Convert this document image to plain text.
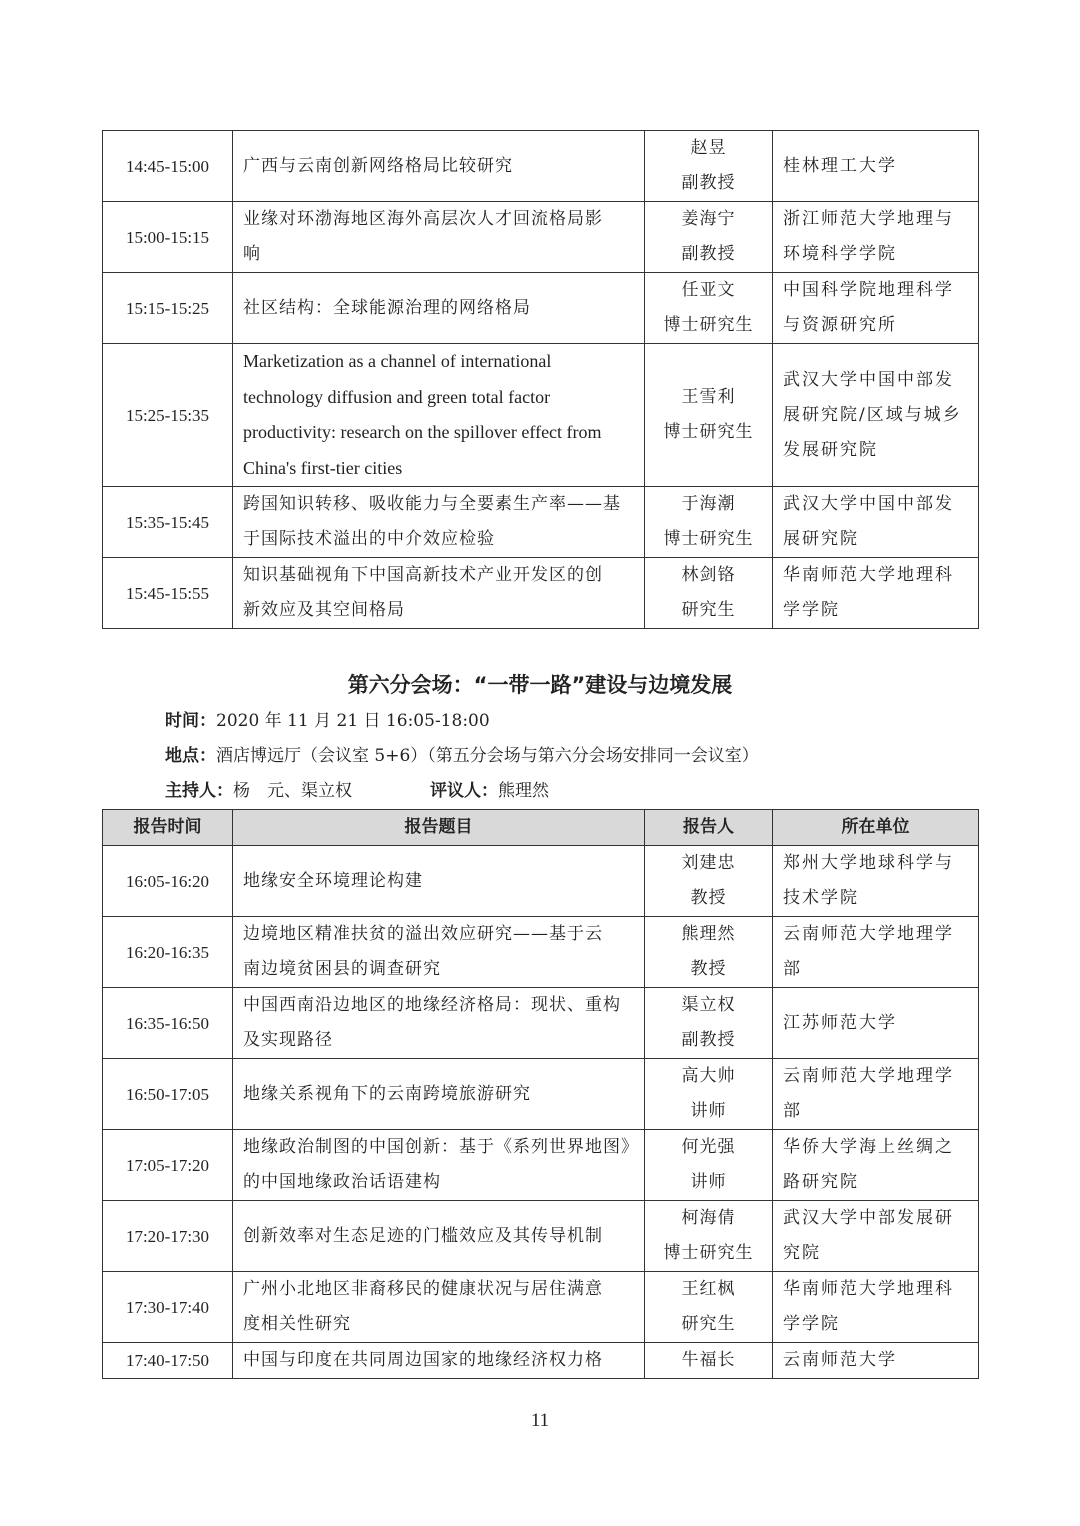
14:45-15:00	广西与云南创新网络格局比较研究	赵昱
副教授	桂林理工大学

15:00-15:15	业缘对环渤海地区海外高层次人才回流格局影
响	姜海宁
副教授	浙江师范大学地理与
环境科学学院

15:15-15:25	社区结构：全球能源治理的网络格局	任亚文
博士研究生	中国科学院地理科学
与资源研究所

15:25-15:35	Marketization as a channel of international
technology diffusion and green total factor
productivity: research on the spillover effect from
China's first-tier cities	王雪利
博士研究生	武汉大学中国中部发
展研究院/区域与城乡
发展研究院

15:35-15:45	跨国知识转移、吸收能力与全要素生产率——基
于国际技术溢出的中介效应检验	于海潮
博士研究生	武汉大学中国中部发
展研究院

15:45-15:55	知识基础视角下中国高新技术产业开发区的创
新效应及其空间格局	林剑铬
研究生	华南师范大学地理科
学学院
第六分会场：“一带一路”建设与边境发展
时间：2020 年 11 月 21 日 16:05-18:00
地点：酒店博远厅（会议室 5+6）（第五分会场与第六分会场安排同一会议室）
主持人：杨　元、渠立权	评议人：熊理然
报告时间	报告题目	报告人	所在单位
16:05-16:20	地缘安全环境理论构建	刘建忠
教授	郑州大学地球科学与
技术学院

16:20-16:35	边境地区精准扶贫的溢出效应研究——基于云
南边境贫困县的调查研究	熊理然
教授	云南师范大学地理学
部

16:35-16:50	中国西南沿边地区的地缘经济格局：现状、重构
及实现路径	渠立权
副教授	江苏师范大学

16:50-17:05	地缘关系视角下的云南跨境旅游研究	高大帅
讲师	云南师范大学地理学
部

17:05-17:20	地缘政治制图的中国创新：基于《系列世界地图》
的中国地缘政治话语建构	何光强
讲师	华侨大学海上丝绸之
路研究院

17:20-17:30	创新效率对生态足迹的门槛效应及其传导机制	柯海倩
博士研究生	武汉大学中部发展研
究院

17:30-17:40	广州小北地区非裔移民的健康状况与居住满意
度相关性研究	王红枫
研究生	华南师范大学地理科
学学院

17:40-17:50	中国与印度在共同周边国家的地缘经济权力格	牛福长	云南师范大学
11
